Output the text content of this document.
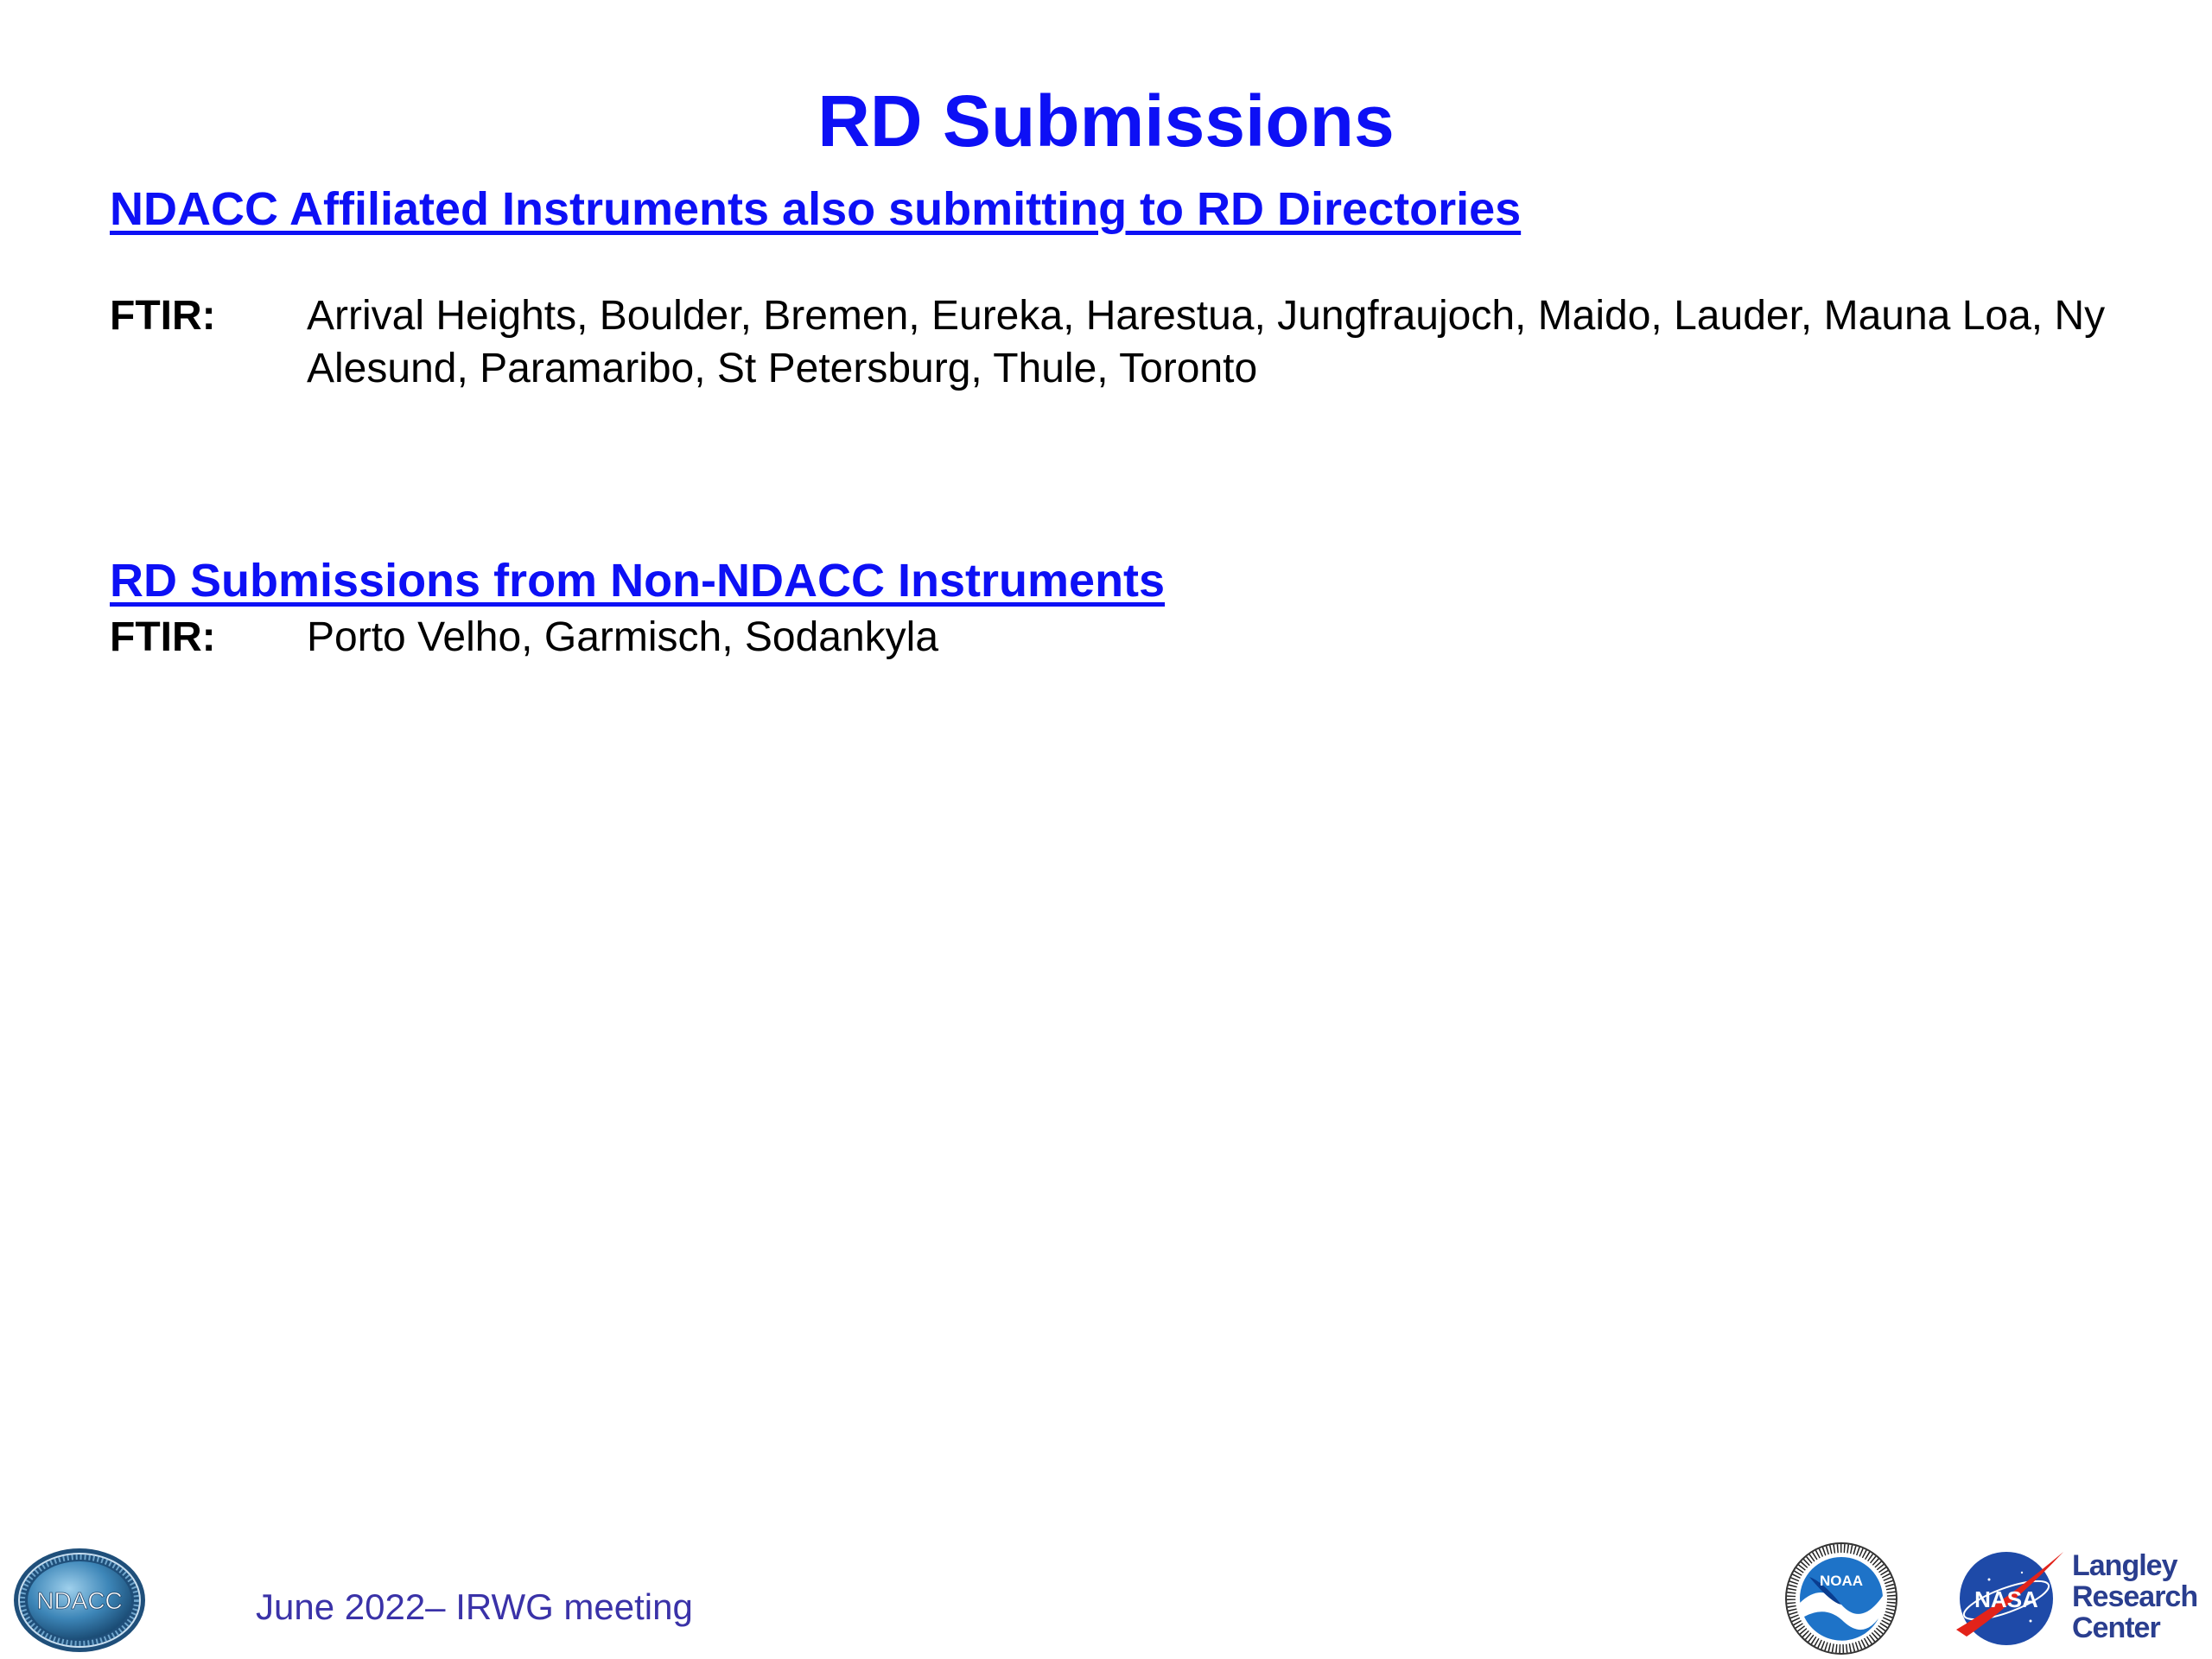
RD Submissions
NDACC Affiliated Instruments also submitting to RD Directories
FTIR:	Arrival Heights, Boulder, Bremen, Eureka, Harestua, Jungfraujoch, Maido, Lauder, Mauna Loa, Ny Alesund, Paramaribo, St Petersburg, Thule, Toronto
RD Submissions from Non-NDACC Instruments
FTIR:	Porto Velho, Garmisch, Sodankyla
NDACC	June 2022– IRWG meeting
NOAA
NASA
Langley
Research
Center
